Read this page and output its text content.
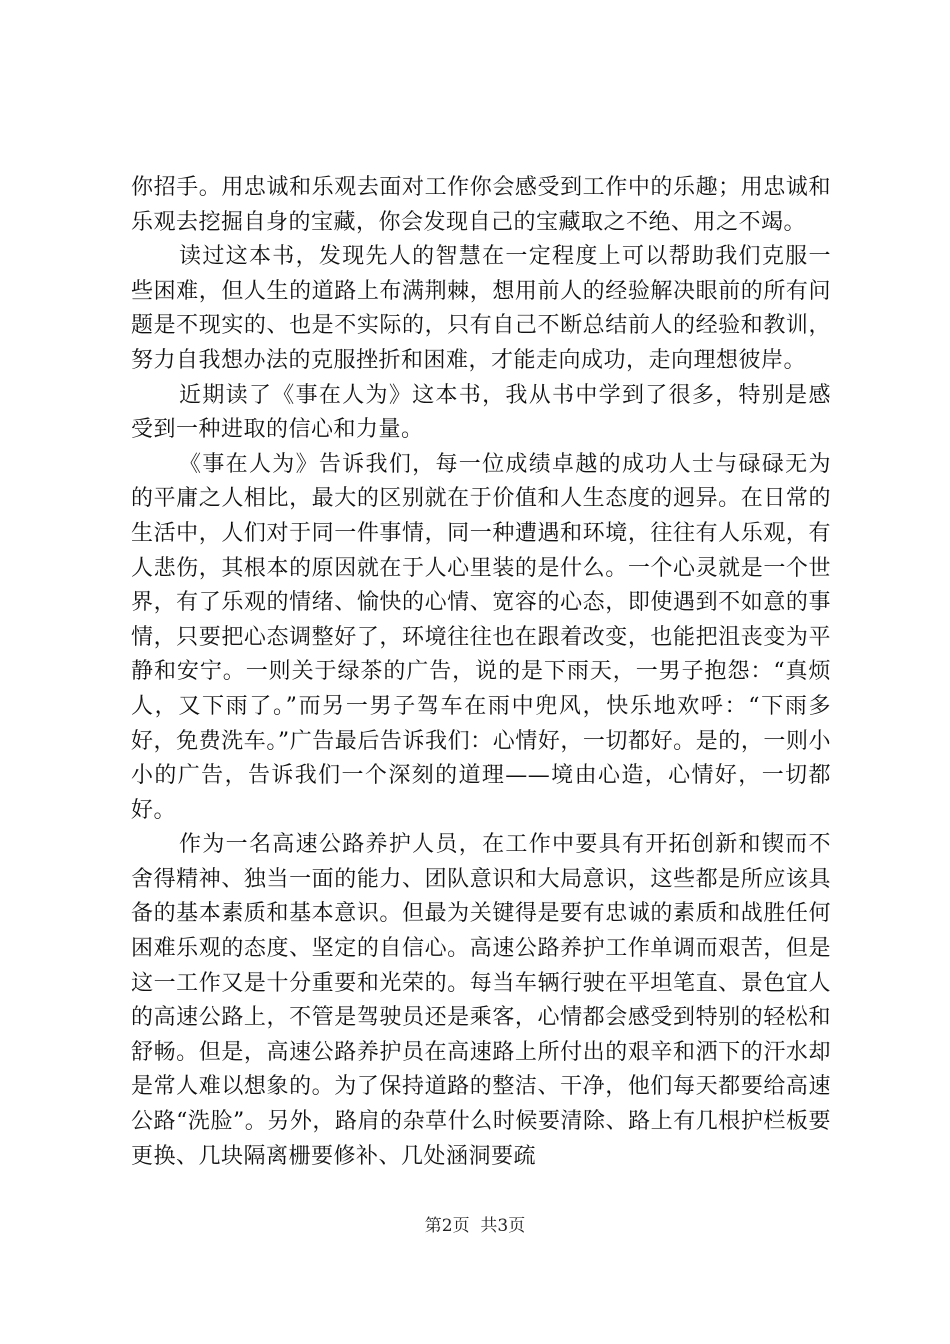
你招手。用忠诚和乐观去面对工作你会感受到工作中的乐趣；用忠诚和乐观去挖掘自身的宝藏，你会发现自己的宝藏取之不绝、用之不竭。

读过这本书，发现先人的智慧在一定程度上可以帮助我们克服一些困难，但人生的道路上布满荆棘，想用前人的经验解决眼前的所有问题是不现实的、也是不实际的，只有自己不断总结前人的经验和教训，努力自我想办法的克服挫折和困难，才能走向成功，走向理想彼岸。

近期读了《事在人为》这本书，我从书中学到了很多，特别是感受到一种进取的信心和力量。

《事在人为》告诉我们，每一位成绩卓越的成功人士与碌碌无为的平庸之人相比，最大的区别就在于价值和人生态度的迥异。在日常的生活中，人们对于同一件事情，同一种遭遇和环境，往往有人乐观，有人悲伤，其根本的原因就在于人心里装的是什么。一个心灵就是一个世界，有了乐观的情绪、愉快的心情、宽容的心态，即使遇到不如意的事情，只要把心态调整好了，环境往往也在跟着改变，也能把沮丧变为平静和安宁。一则关于绿茶的广告，说的是下雨天，一男子抱怨：“真烦人，又下雨了。”而另一男子驾车在雨中兜风，快乐地欢呼：“下雨多好，免费洗车。”广告最后告诉我们：心情好，一切都好。是的，一则小小的广告，告诉我们一个深刻的道理——境由心造，心情好，一切都好。

作为一名高速公路养护人员，在工作中要具有开拓创新和锲而不舍得精神、独当一面的能力、团队意识和大局意识，这些都是所应该具备的基本素质和基本意识。但最为关键得是要有忠诚的素质和战胜任何困难乐观的态度、坚定的自信心。高速公路养护工作单调而艰苦，但是这一工作又是十分重要和光荣的。每当车辆行驶在平坦笔直、景色宜人的高速公路上，不管是驾驶员还是乘客，心情都会感受到特别的轻松和舒畅。但是，高速公路养护员在高速路上所付出的艰辛和洒下的汗水却是常人难以想象的。为了保持道路的整洁、干净，他们每天都要给高速公路“洗脸”。另外，路肩的杂草什么时候要清除、路上有几根护栏板要更换、几块隔离栅要修补、几处涵洞要疏

第2页  共3页
